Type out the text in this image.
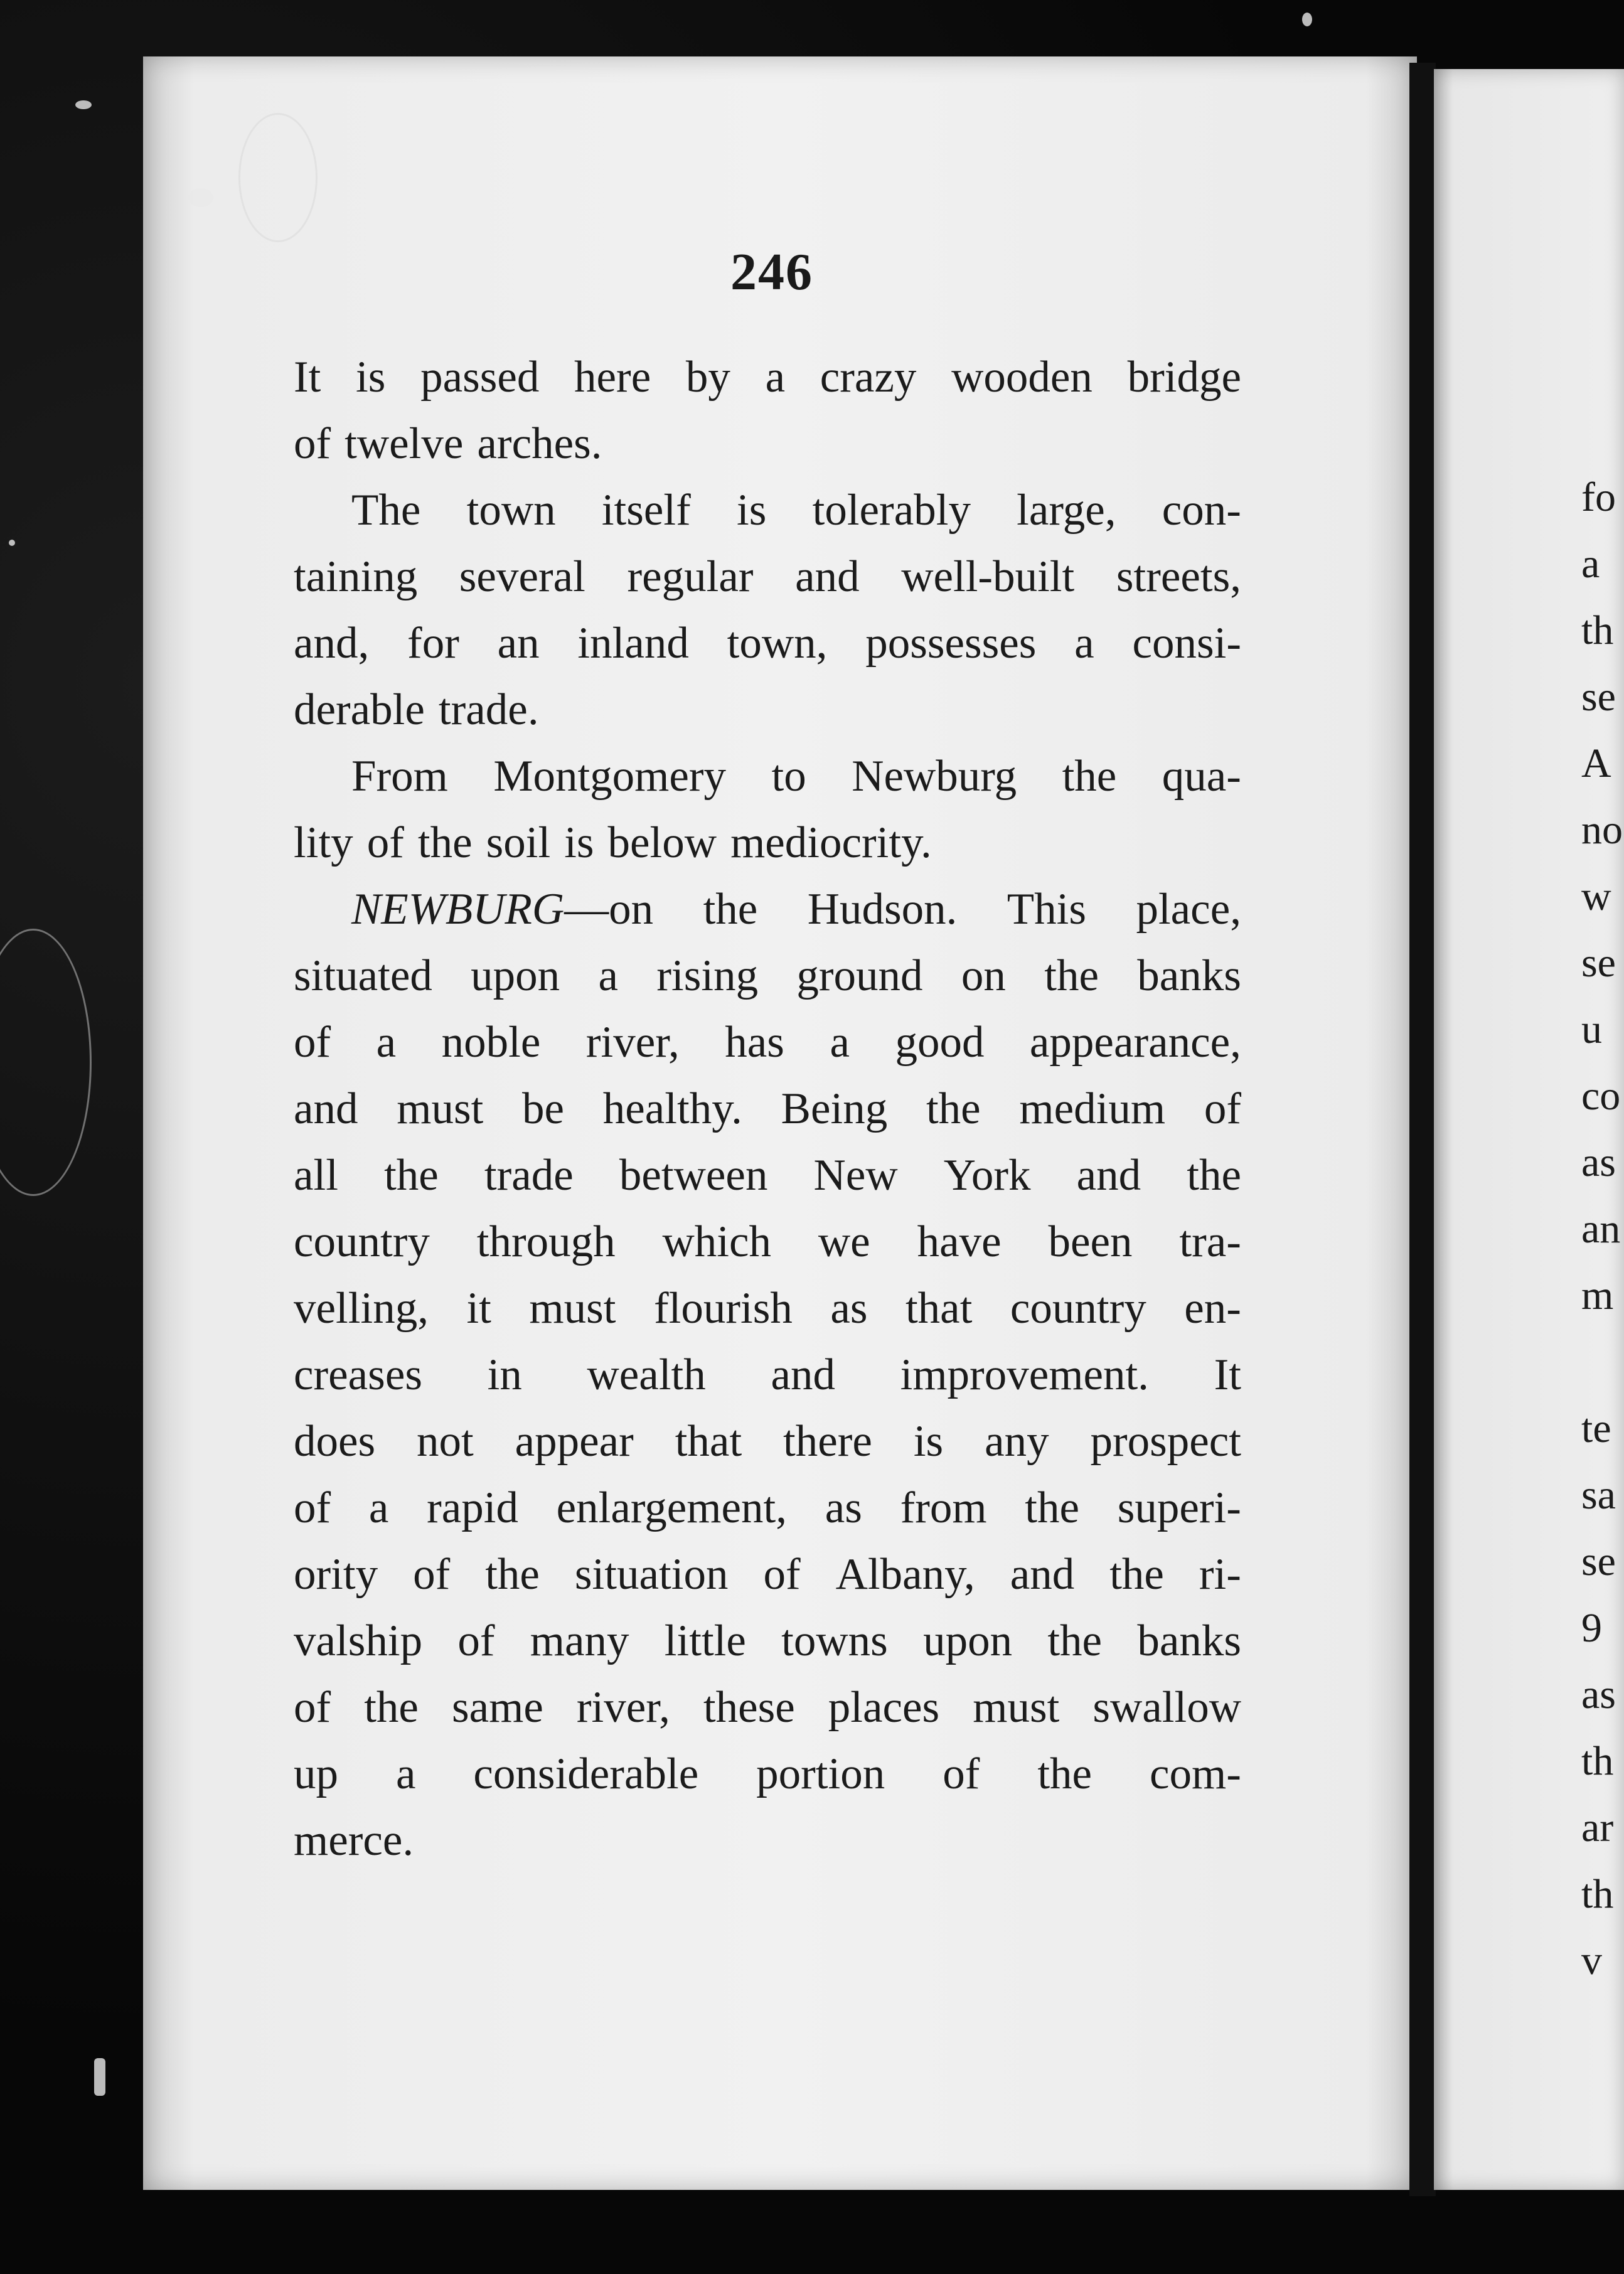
246
It is passed here by a crazy wooden bridge
of twelve arches.
The town itself is tolerably large, con-
taining several regular and well-built streets,
and, for an inland town, possesses a consi-
derable trade.
From Montgomery to Newburg the qua-
lity of the soil is below mediocrity.
NEWBURG—on the Hudson. This place,
situated upon a rising ground on the banks
of a noble river, has a good appearance,
and must be healthy. Being the medium of
all the trade between New York and the
country through which we have been tra-
velling, it must flourish as that country en-
creases in wealth and improvement. It
does not appear that there is any prospect
of a rapid enlargement, as from the superi-
ority of the situation of Albany, and the ri-
valship of many little towns upon the banks
of the same river, these places must swallow
up a considerable portion of the com-
merce.
fo
a
th
se
A
no
w
se
u
co
as
an
m
te
sa
se
9
as
th
ar
th
v
